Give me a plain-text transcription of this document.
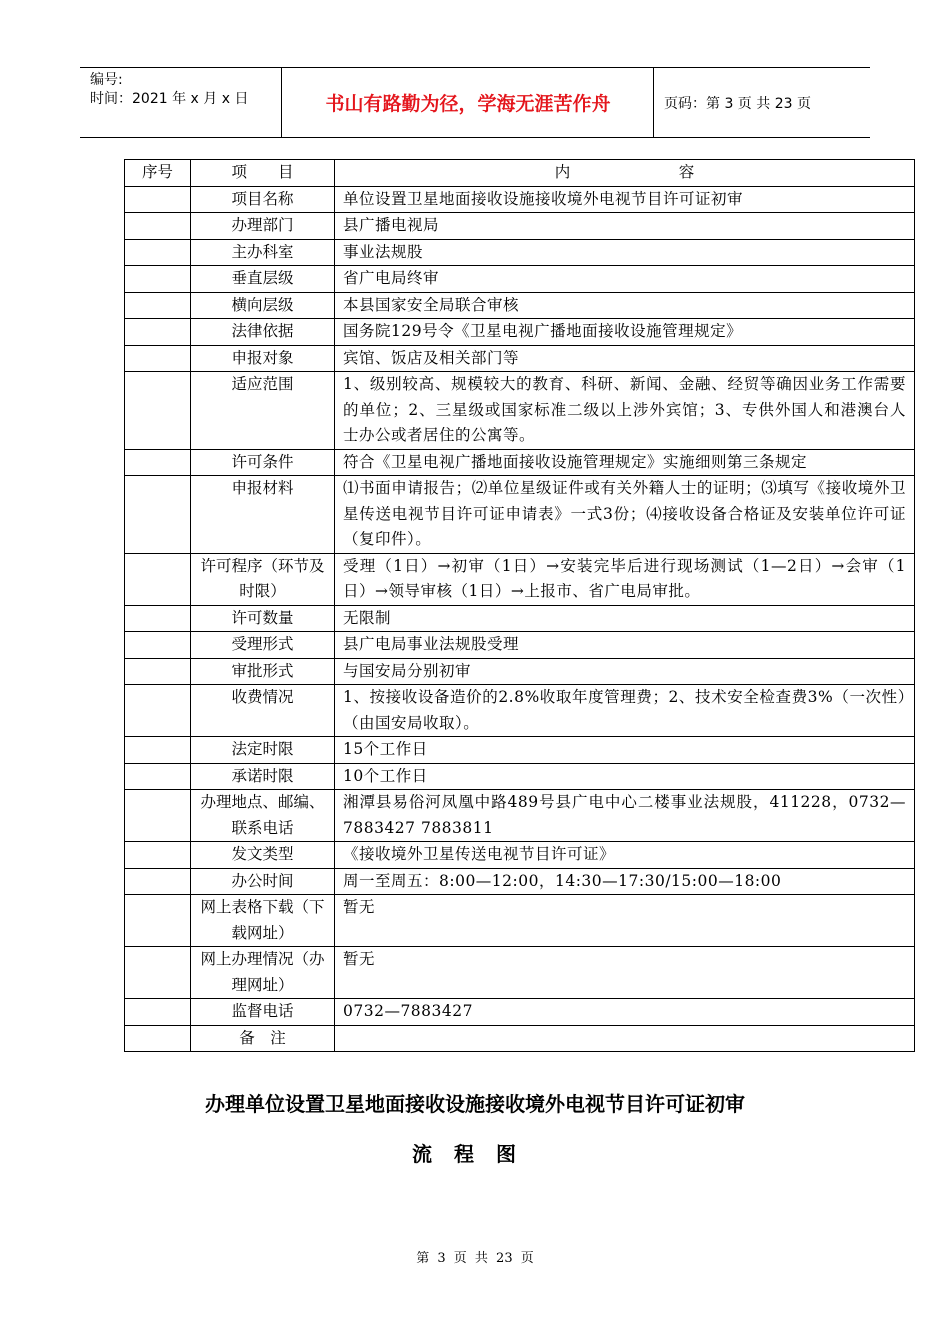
编号:
时间：2021 年 x 月 x 日	书山有路勤为径，学海无涯苦作舟	页码：第 3 页 共 23 页
序号	项　　目	内　　　　　　　容
	项目名称	单位设置卫星地面接收设施接收境外电视节目许可证初审
	办理部门	县广播电视局
	主办科室	事业法规股
	垂直层级	省广电局终审
	横向层级	本县国家安全局联合审核
	法律依据	国务院129号令《卫星电视广播地面接收设施管理规定》
	申报对象	宾馆、饭店及相关部门等
	适应范围	1、级别较高、规模较大的教育、科研、新闻、金融、经贸等确因业务工作需要的单位；2、三星级或国家标准二级以上涉外宾馆；3、专供外国人和港澳台人士办公或者居住的公寓等。
	许可条件	符合《卫星电视广播地面接收设施管理规定》实施细则第三条规定
	申报材料	⑴书面申请报告；⑵单位星级证件或有关外籍人士的证明；⑶填写《接收境外卫星传送电视节目许可证申请表》一式3份；⑷接收设备合格证及安装单位许可证（复印件）。
	许可程序（环节及时限）	受理（1日）→初审（1日）→安装完毕后进行现场测试（1—2日）→会审（1日）→领导审核（1日）→上报市、省广电局审批。
	许可数量	无限制
	受理形式	县广电局事业法规股受理
	审批形式	与国安局分别初审
	收费情况	1、按接收设备造价的2.8%收取年度管理费；2、技术安全检查费3%（一次性）（由国安局收取）。
	法定时限	15个工作日
	承诺时限	10个工作日
	办理地点、邮编、联系电话	湘潭县易俗河凤凰中路489号县广电中心二楼事业法规股，411228，0732—7883427 7883811
	发文类型	《接收境外卫星传送电视节目许可证》
	办公时间	周一至周五：8:00—12:00，14:30—17:30/15:00—18:00
	网上表格下载（下载网址）	暂无
	网上办理情况（办理网址）	暂无
	监督电话	0732—7883427
	备　注	
办理单位设置卫星地面接收设施接收境外电视节目许可证初审
流程图
第 3 页 共 23 页
